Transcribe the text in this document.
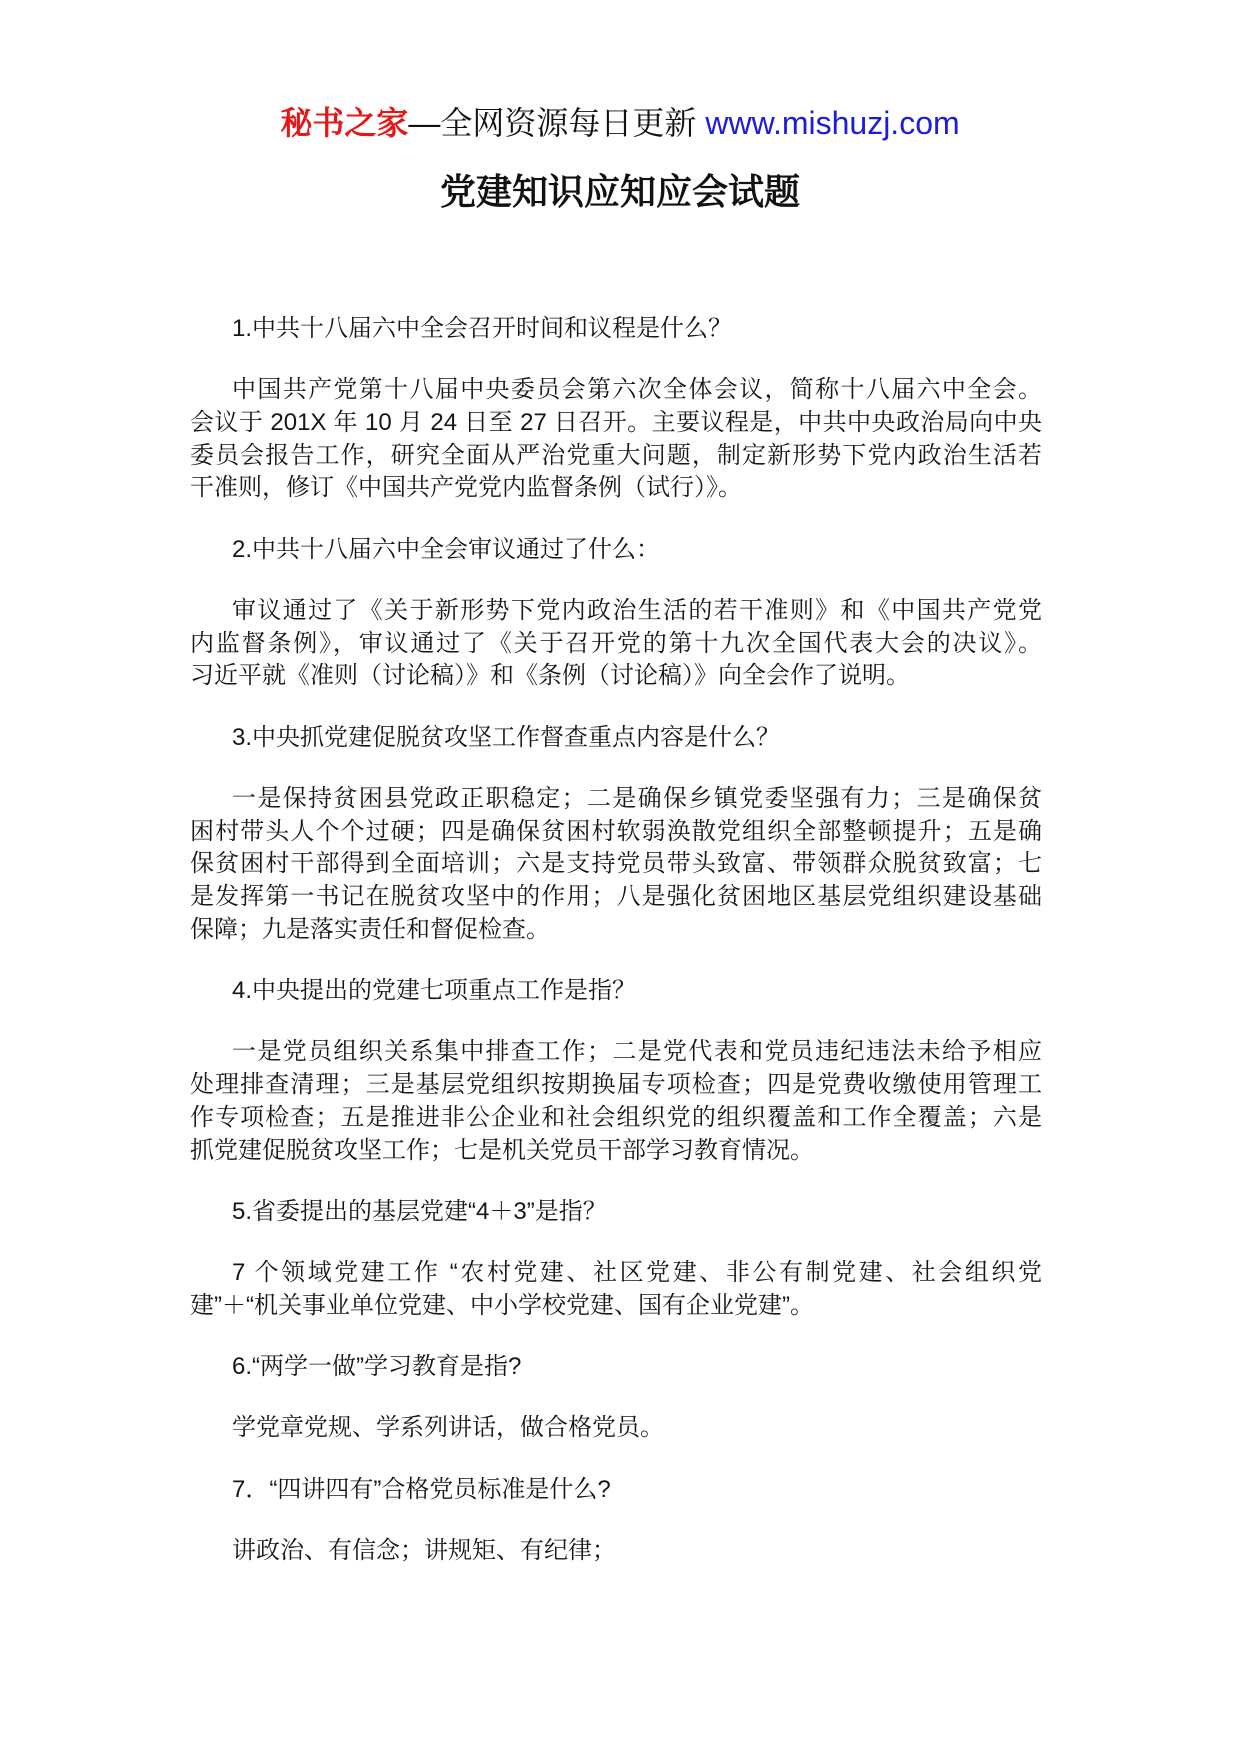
秘书之家—全网资源每日更新 www.mishuzj.com
党建知识应知应会试题

1.中共十八届六中全会召开时间和议程是什么？

中国共产党第十八届中央委员会第六次全体会议，简称十八届六中全会。
会议于 201X 年 10 月 24 日至 27 日召开。主要议程是，中共中央政治局向中央
委员会报告工作，研究全面从严治党重大问题，制定新形势下党内政治生活若
干准则，修订《中国共产党党内监督条例（试行）》。

2.中共十八届六中全会审议通过了什么：

审议通过了《关于新形势下党内政治生活的若干准则》和《中国共产党党
内监督条例》，审议通过了《关于召开党的第十九次全国代表大会的决议》。
习近平就《准则（讨论稿）》和《条例（讨论稿）》向全会作了说明。

3.中央抓党建促脱贫攻坚工作督查重点内容是什么？

一是保持贫困县党政正职稳定；二是确保乡镇党委坚强有力；三是确保贫
困村带头人个个过硬；四是确保贫困村软弱涣散党组织全部整顿提升；五是确
保贫困村干部得到全面培训；六是支持党员带头致富、带领群众脱贫致富；七
是发挥第一书记在脱贫攻坚中的作用；八是强化贫困地区基层党组织建设基础
保障；九是落实责任和督促检查。

4.中央提出的党建七项重点工作是指？

一是党员组织关系集中排查工作；二是党代表和党员违纪违法未给予相应
处理排查清理；三是基层党组织按期换届专项检查；四是党费收缴使用管理工
作专项检查；五是推进非公企业和社会组织党的组织覆盖和工作全覆盖；六是
抓党建促脱贫攻坚工作；七是机关党员干部学习教育情况。

5.省委提出的基层党建“4＋3”是指？

7 个领域党建工作 “农村党建、社区党建、非公有制党建、社会组织党
建”＋“机关事业单位党建、中小学校党建、国有企业党建”。

6.“两学一做”学习教育是指?

学党章党规、学系列讲话，做合格党员。

7．“四讲四有”合格党员标准是什么?

讲政治、有信念；讲规矩、有纪律；
